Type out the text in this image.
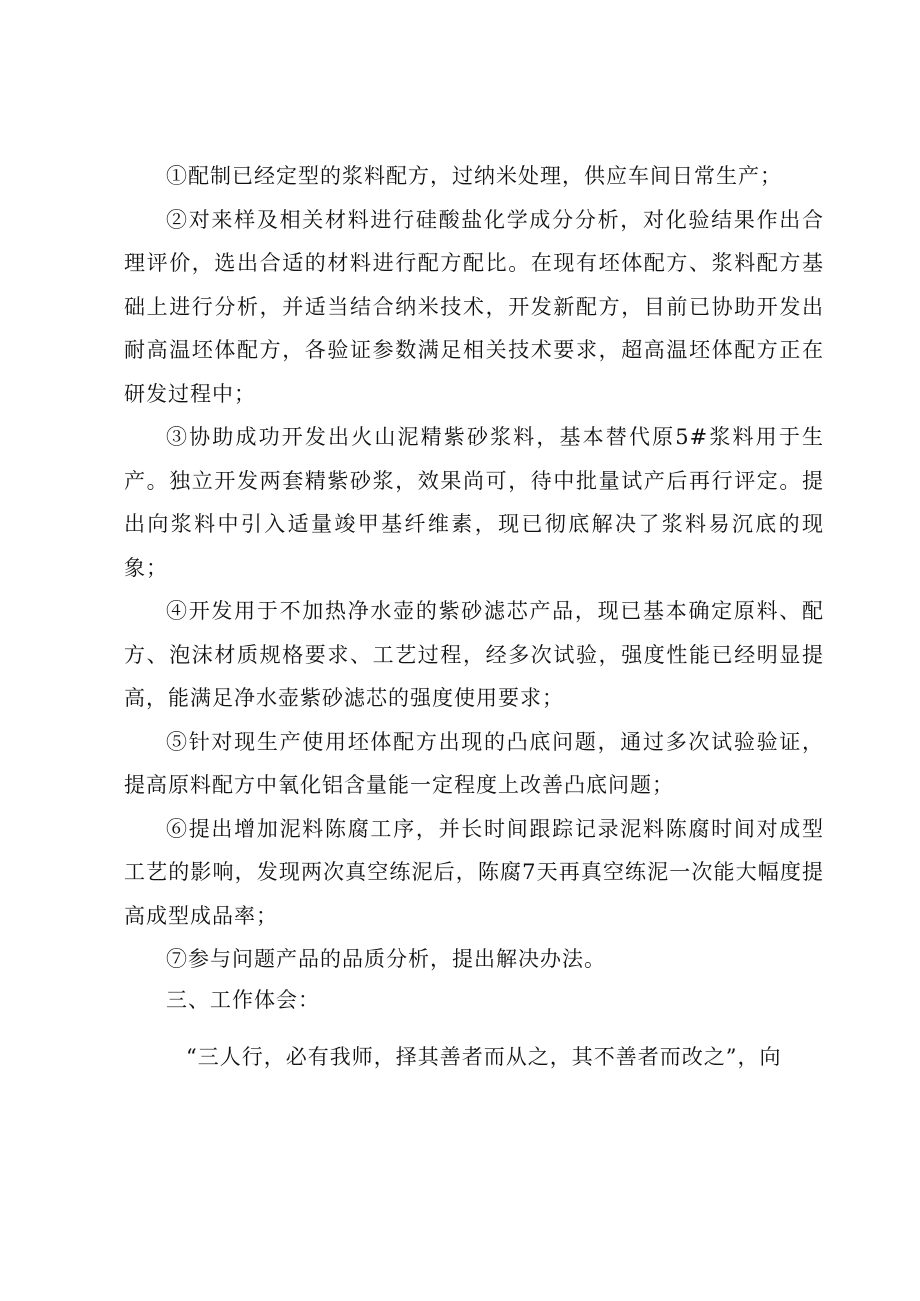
①配制已经定型的浆料配方，过纳米处理，供应车间日常生产；

②对来样及相关材料进行硅酸盐化学成分分析，对化验结果作出合理评价，选出合适的材料进行配方配比。在现有坯体配方、浆料配方基础上进行分析，并适当结合纳米技术，开发新配方，目前已协助开发出耐高温坯体配方，各验证参数满足相关技术要求，超高温坯体配方正在研发过程中；

③协助成功开发出火山泥精紫砂浆料，基本替代原5#浆料用于生产。独立开发两套精紫砂浆，效果尚可，待中批量试产后再行评定。提出向浆料中引入适量竣甲基纤维素，现已彻底解决了浆料易沉底的现象；

④开发用于不加热净水壶的紫砂滤芯产品，现已基本确定原料、配方、泡沫材质规格要求、工艺过程，经多次试验，强度性能已经明显提高，能满足净水壶紫砂滤芯的强度使用要求；

⑤针对现生产使用坯体配方出现的凸底问题，通过多次试验验证，提高原料配方中氧化铝含量能一定程度上改善凸底问题；

⑥提出增加泥料陈腐工序，并长时间跟踪记录泥料陈腐时间对成型工艺的影响，发现两次真空练泥后，陈腐7天再真空练泥一次能大幅度提高成型成品率；

⑦参与问题产品的品质分析，提出解决办法。

三、工作体会：

“三人行，必有我师，择其善者而从之，其不善者而改之”，向
